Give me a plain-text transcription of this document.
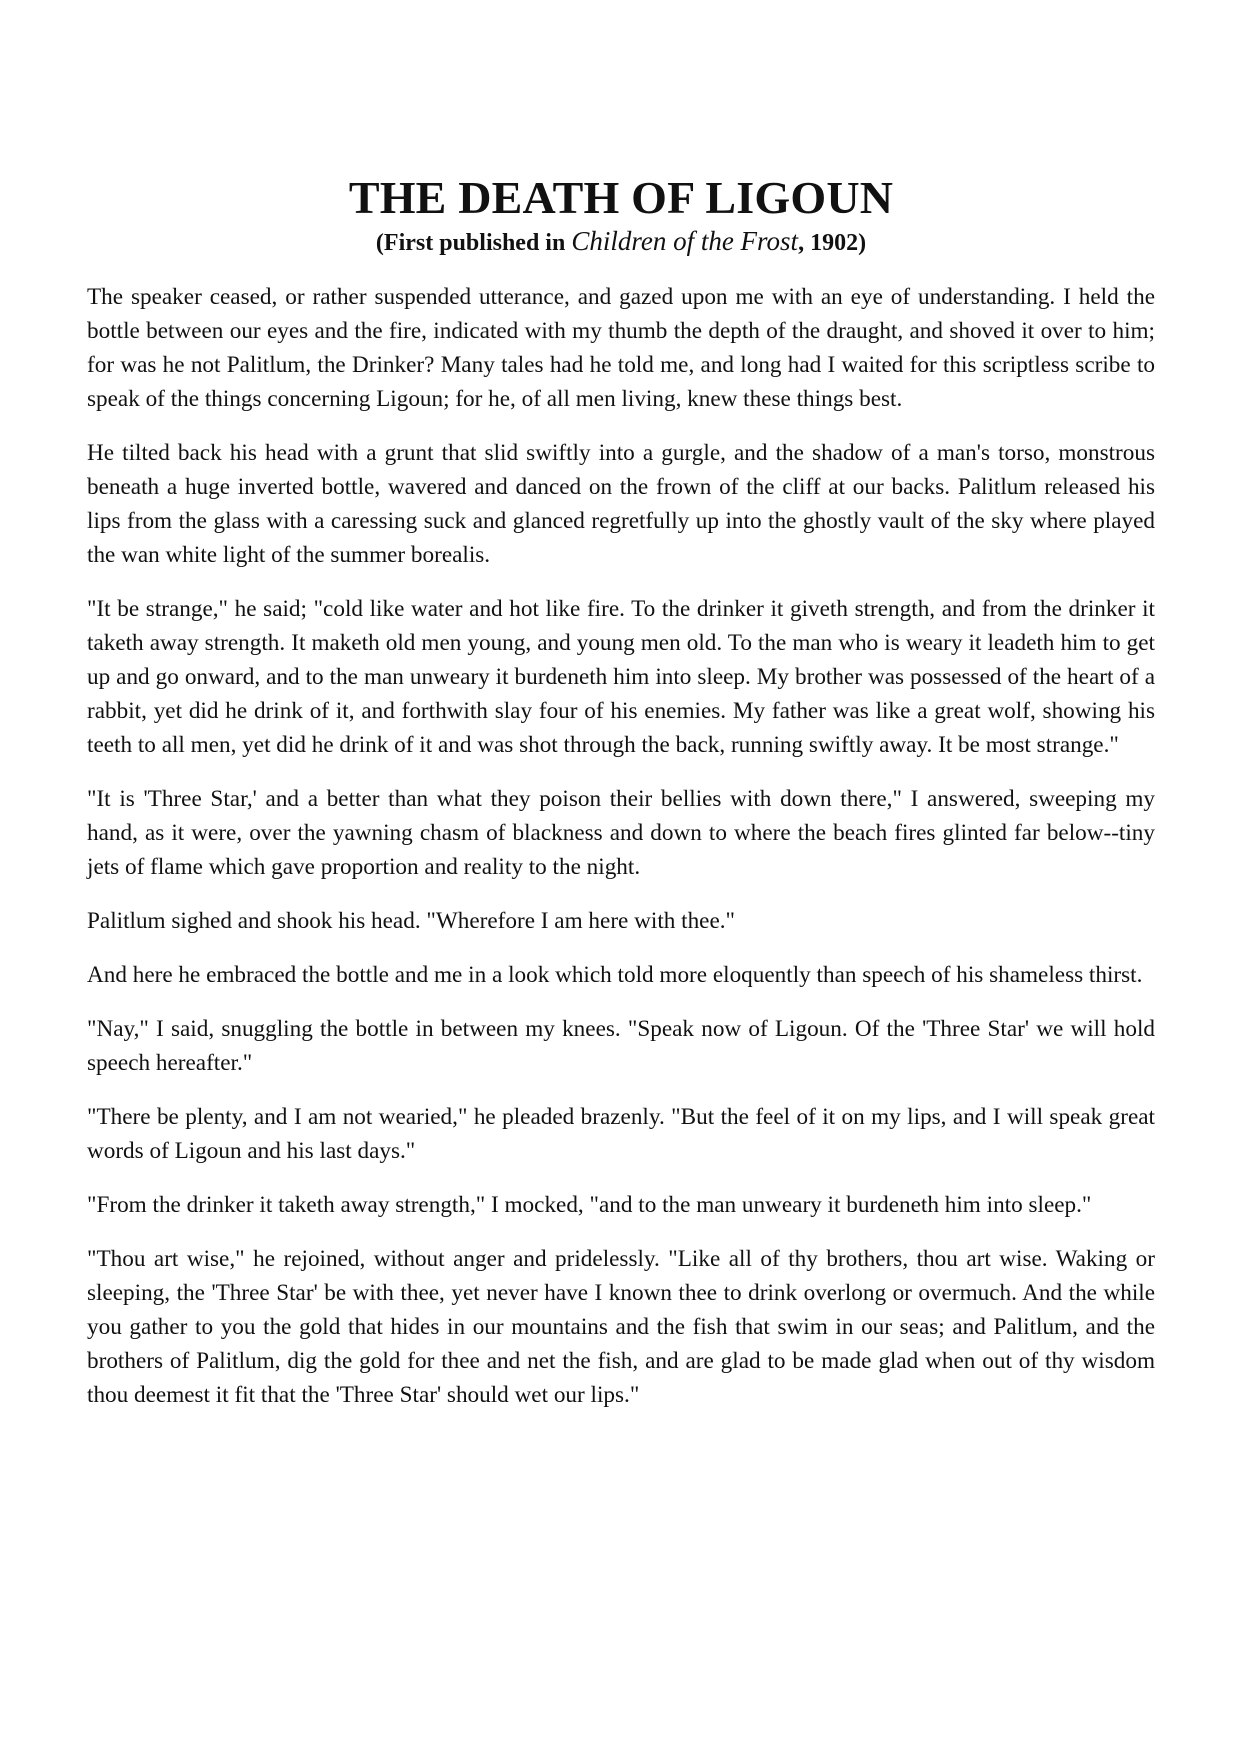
THE DEATH OF LIGOUN

(First published in Children of the Frost, 1902)

The speaker ceased, or rather suspended utterance, and gazed upon me with an eye of understanding. I held the bottle between our eyes and the fire, indicated with my thumb the depth of the draught, and shoved it over to him; for was he not Palitlum, the Drinker? Many tales had he told me, and long had I waited for this scriptless scribe to speak of the things concerning Ligoun; for he, of all men living, knew these things best.

He tilted back his head with a grunt that slid swiftly into a gurgle, and the shadow of a man's torso, monstrous beneath a huge inverted bottle, wavered and danced on the frown of the cliff at our backs. Palitlum released his lips from the glass with a caressing suck and glanced regretfully up into the ghostly vault of the sky where played the wan white light of the summer borealis.

"It be strange," he said; "cold like water and hot like fire. To the drinker it giveth strength, and from the drinker it taketh away strength. It maketh old men young, and young men old. To the man who is weary it leadeth him to get up and go onward, and to the man unweary it burdeneth him into sleep. My brother was possessed of the heart of a rabbit, yet did he drink of it, and forthwith slay four of his enemies. My father was like a great wolf, showing his teeth to all men, yet did he drink of it and was shot through the back, running swiftly away. It be most strange."

"It is 'Three Star,' and a better than what they poison their bellies with down there," I answered, sweeping my hand, as it were, over the yawning chasm of blackness and down to where the beach fires glinted far below--tiny jets of flame which gave proportion and reality to the night.

Palitlum sighed and shook his head. "Wherefore I am here with thee."

And here he embraced the bottle and me in a look which told more eloquently than speech of his shameless thirst.

"Nay," I said, snuggling the bottle in between my knees. "Speak now of Ligoun. Of the 'Three Star' we will hold speech hereafter."

"There be plenty, and I am not wearied," he pleaded brazenly. "But the feel of it on my lips, and I will speak great words of Ligoun and his last days."

"From the drinker it taketh away strength," I mocked, "and to the man unweary it burdeneth him into sleep."

"Thou art wise," he rejoined, without anger and pridelessly. "Like all of thy brothers, thou art wise. Waking or sleeping, the 'Three Star' be with thee, yet never have I known thee to drink overlong or overmuch. And the while you gather to you the gold that hides in our mountains and the fish that swim in our seas; and Palitlum, and the brothers of Palitlum, dig the gold for thee and net the fish, and are glad to be made glad when out of thy wisdom thou deemest it fit that the 'Three Star' should wet our lips."
